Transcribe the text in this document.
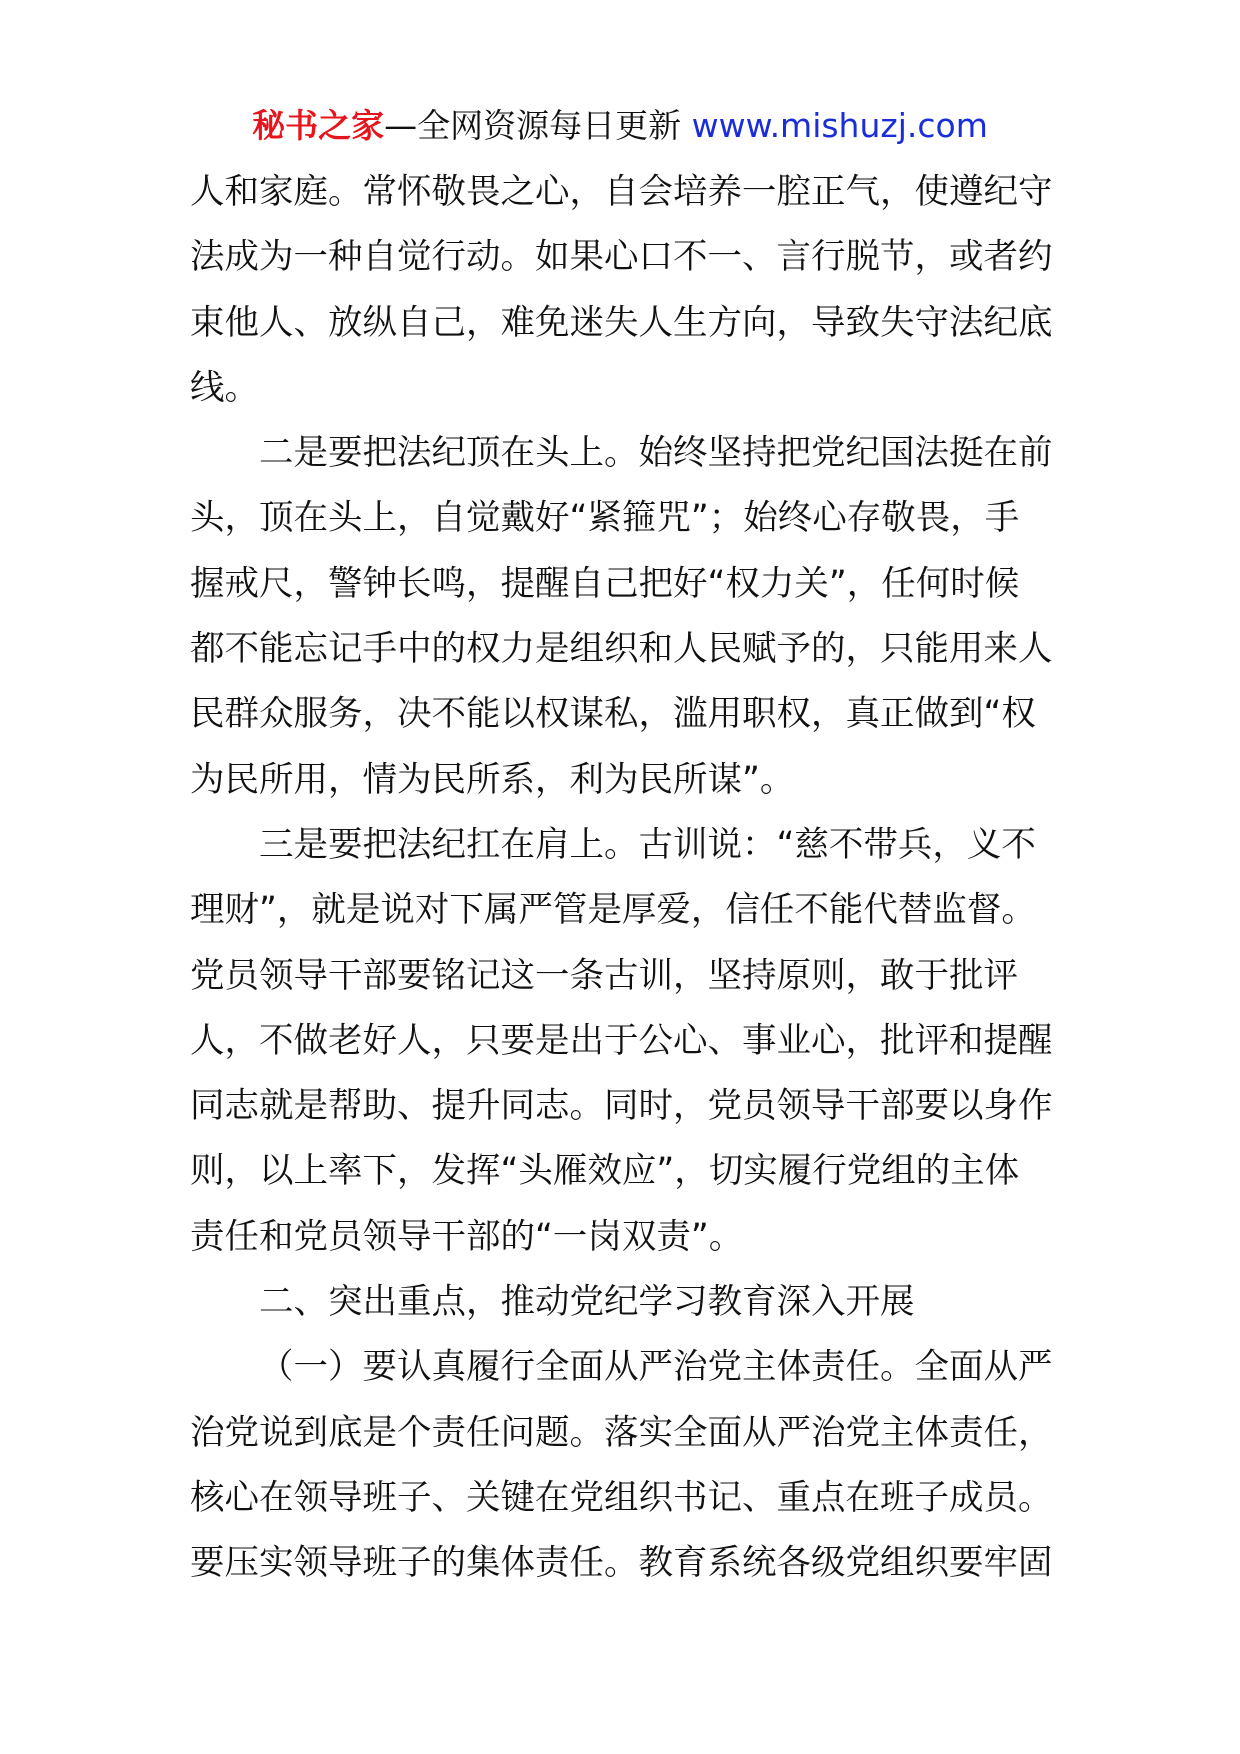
秘书之家—全网资源每日更新 www.mishuzj.com
人和家庭。常怀敬畏之心，自会培养一腔正气，使遵纪守
法成为一种自觉行动。如果心口不一、言行脱节，或者约
束他人、放纵自己，难免迷失人生方向，导致失守法纪底
线。
二是要把法纪顶在头上。始终坚持把党纪国法挺在前
头，顶在头上，自觉戴好“紧箍咒”；始终心存敬畏，手
握戒尺，警钟长鸣，提醒自己把好“权力关”，任何时候
都不能忘记手中的权力是组织和人民赋予的，只能用来人
民群众服务，决不能以权谋私，滥用职权，真正做到“权
为民所用，情为民所系，利为民所谋”。
三是要把法纪扛在肩上。古训说：“慈不带兵，义不
理财”，就是说对下属严管是厚爱，信任不能代替监督。
党员领导干部要铭记这一条古训，坚持原则，敢于批评
人，不做老好人，只要是出于公心、事业心，批评和提醒
同志就是帮助、提升同志。同时，党员领导干部要以身作
则，以上率下，发挥“头雁效应”，切实履行党组的主体
责任和党员领导干部的“一岗双责”。
二、突出重点，推动党纪学习教育深入开展
（一）要认真履行全面从严治党主体责任。全面从严
治党说到底是个责任问题。落实全面从严治党主体责任，
核心在领导班子、关键在党组织书记、重点在班子成员。
要压实领导班子的集体责任。教育系统各级党组织要牢固
